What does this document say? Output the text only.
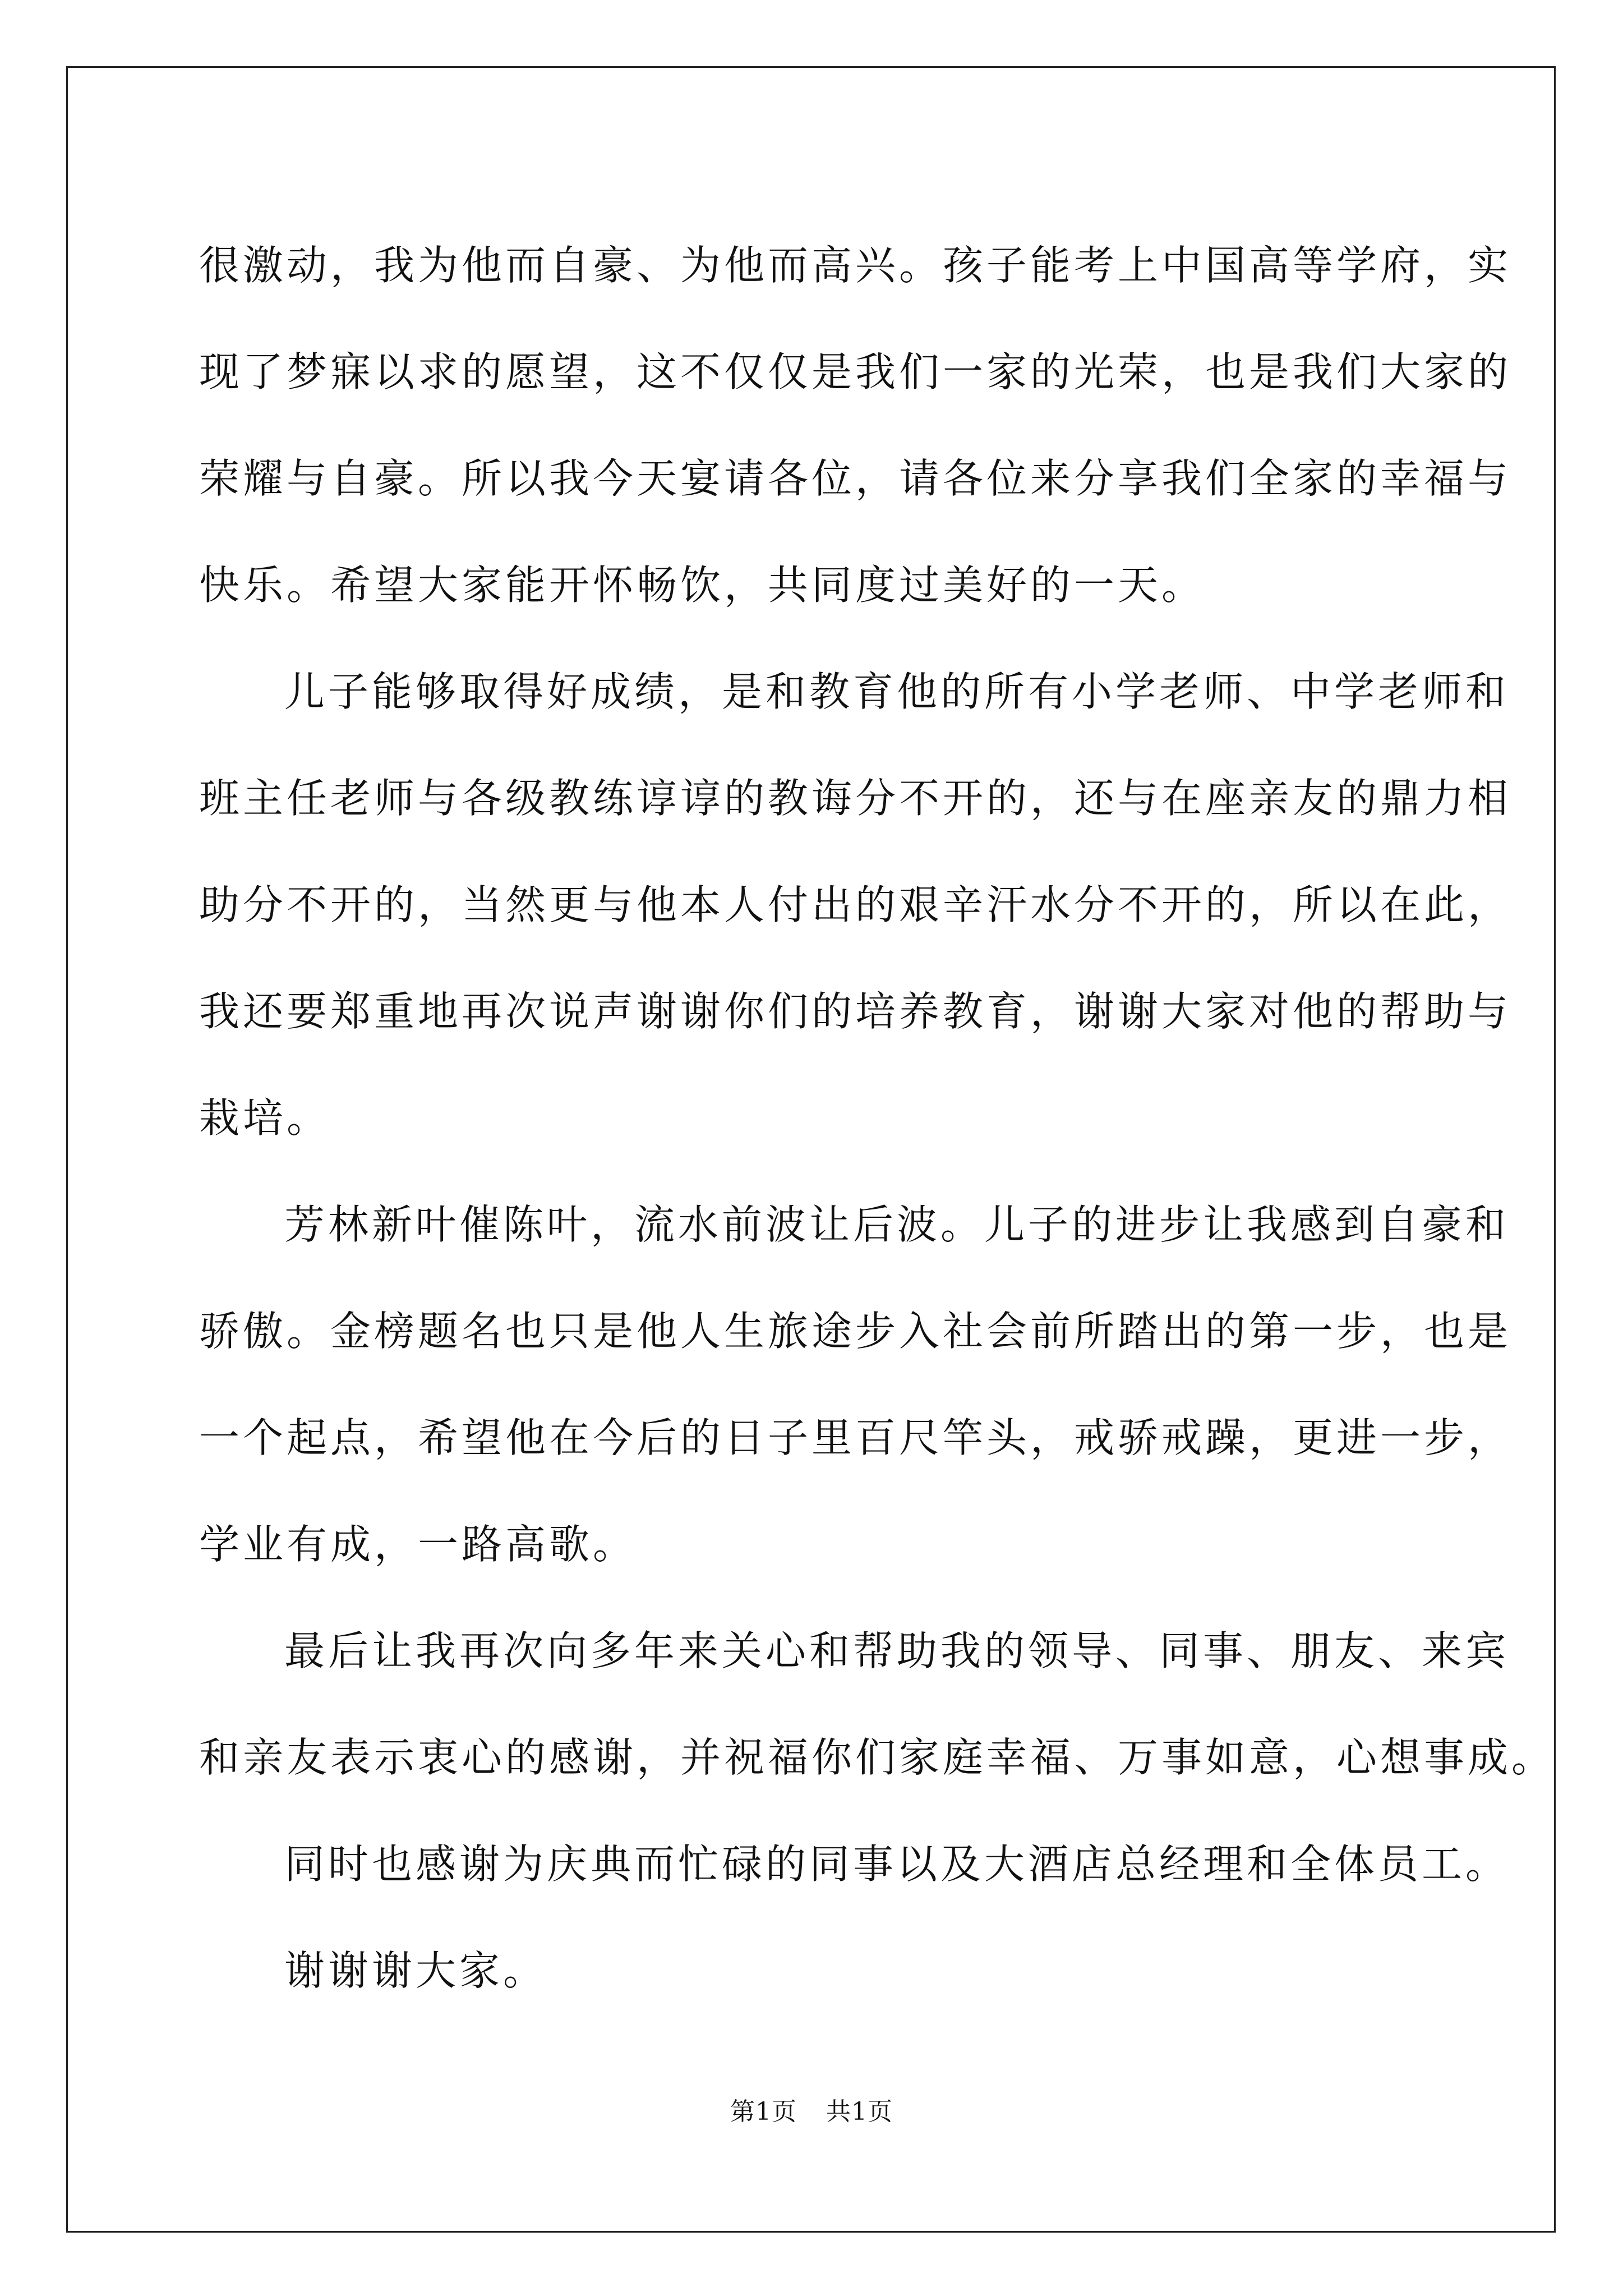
很激动，我为他而自豪、为他而高兴。孩子能考上中国高等学府，实
现了梦寐以求的愿望，这不仅仅是我们一家的光荣，也是我们大家的
荣耀与自豪。所以我今天宴请各位，请各位来分享我们全家的幸福与
快乐。希望大家能开怀畅饮，共同度过美好的一天。
儿子能够取得好成绩，是和教育他的所有小学老师、中学老师和
班主任老师与各级教练谆谆的教诲分不开的，还与在座亲友的鼎力相
助分不开的，当然更与他本人付出的艰辛汗水分不开的，所以在此，
我还要郑重地再次说声谢谢你们的培养教育，谢谢大家对他的帮助与
栽培。
芳林新叶催陈叶，流水前波让后波。儿子的进步让我感到自豪和
骄傲。金榜题名也只是他人生旅途步入社会前所踏出的第一步，也是
一个起点，希望他在今后的日子里百尺竿头，戒骄戒躁，更进一步，
学业有成，一路高歌。
最后让我再次向多年来关心和帮助我的领导、同事、朋友、来宾
和亲友表示衷心的感谢，并祝福你们家庭幸福、万事如意，心想事成。
同时也感谢为庆典而忙碌的同事以及大酒店总经理和全体员工。
谢谢谢大家。
第1页 共1页
